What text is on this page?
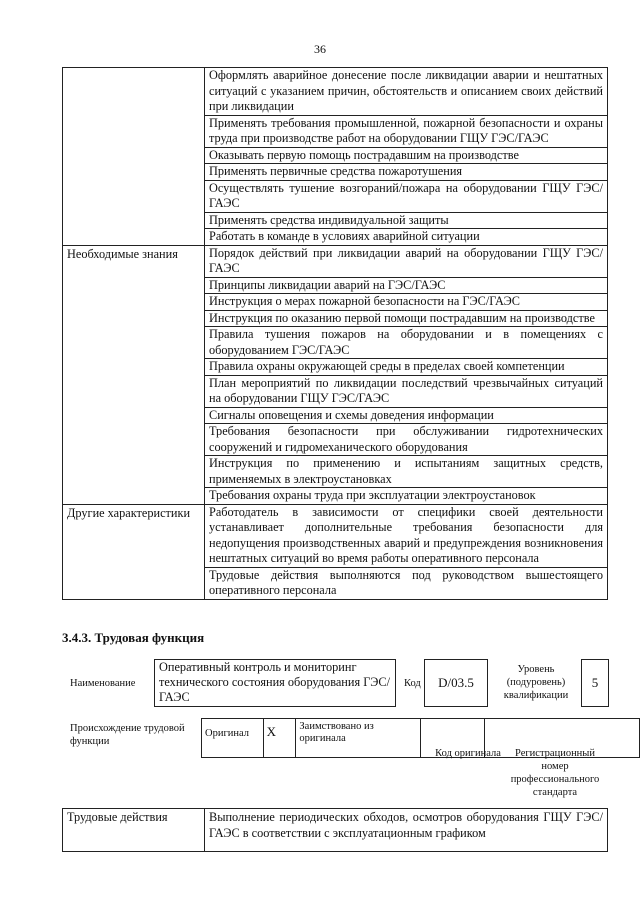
36
	Оформлять аварийное донесение после ликвидации аварии и нештатных ситуаций с указанием причин, обстоятельств и описанием своих действий при ликвидации
	Применять требования промышленной, пожарной безопасности и охраны труда при производстве работ на оборудовании ГЩУ ГЭС/ГАЭС
	Оказывать первую помощь пострадавшим на производстве
	Применять первичные средства пожаротушения
	Осуществлять тушение возгораний/пожара на оборудовании ГЩУ ГЭС/ГАЭС
	Применять средства индивидуальной защиты
	Работать в команде в условиях аварийной ситуации
Необходимые знания	Порядок действий при ликвидации аварий на оборудовании ГЩУ ГЭС/ГАЭС
	Принципы ликвидации аварий на ГЭС/ГАЭС
	Инструкция о мерах пожарной безопасности на ГЭС/ГАЭС
	Инструкция по оказанию первой помощи пострадавшим на производстве
	Правила тушения пожаров на оборудовании и в помещениях с оборудованием ГЭС/ГАЭС
	Правила охраны окружающей среды в пределах своей компетенции
	План мероприятий по ликвидации последствий чрезвычайных ситуаций на оборудовании ГЩУ ГЭС/ГАЭС
	Сигналы оповещения и схемы доведения информации
	Требования безопасности при обслуживании гидротехнических сооружений и гидромеханического оборудования
	Инструкция по применению и испытаниям защитных средств, применяемых в электроустановках
	Требования охраны труда при эксплуатации электроустановок
Другие характеристики	Работодатель в зависимости от специфики своей деятельности устанавливает дополнительные требования безопасности для недопущения производственных аварий и предупреждения возникновения нештатных ситуаций во время работы оперативного персонала
	Трудовые действия выполняются под руководством вышестоящего оперативного персонала
3.4.3. Трудовая функция
Наименование
Оперативный контроль и мониторинг технического состояния оборудования ГЭС/ГАЭС
Код	D/03.5
Уровень (подуровень) квалификации
5
Происхождение трудовой функции
Оригинал	X	Заимствовано из оригинала		
Код оригинала	Регистрационный номер профессионального стандарта
Трудовые действия	Выполнение периодических обходов, осмотров оборудования ГЩУ ГЭС/ГАЭС в соответствии с эксплуатационным графиком
